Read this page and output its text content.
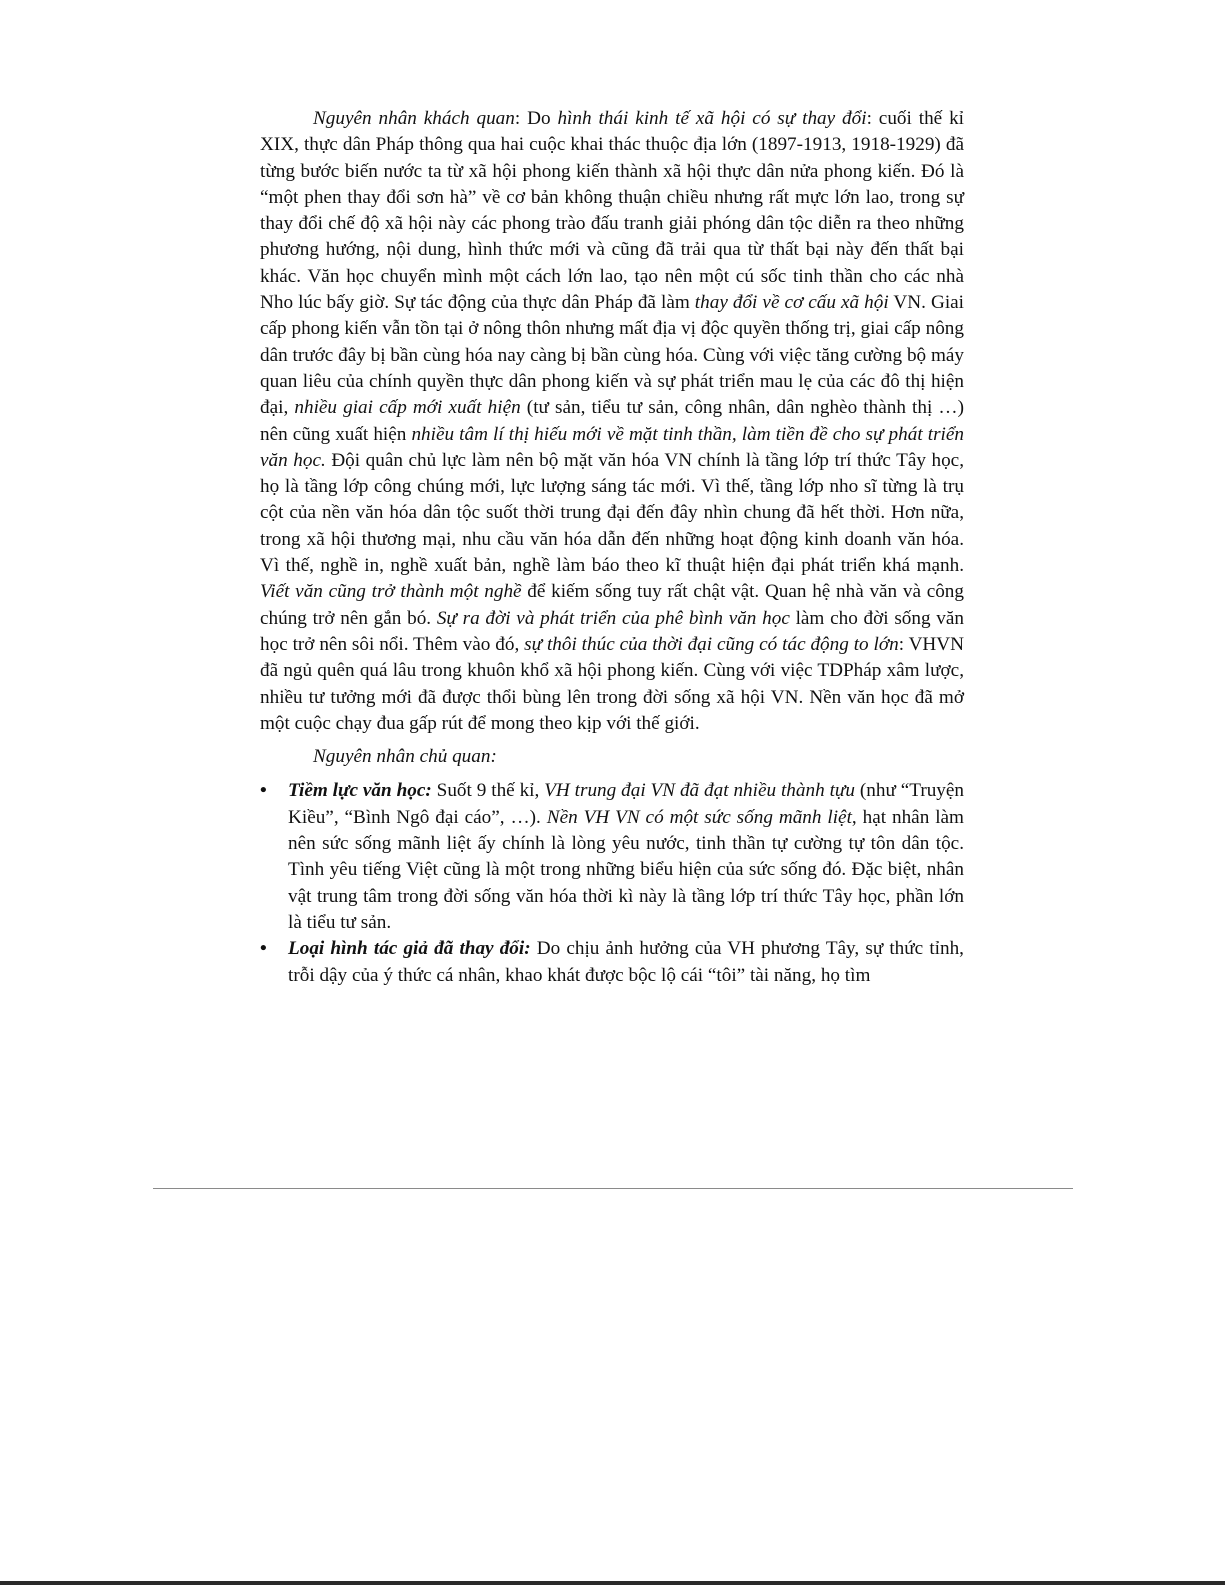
Nguyên nhân khách quan: Do hình thái kinh tế xã hội có sự thay đổi: cuối thế kỉ XIX, thực dân Pháp thông qua hai cuộc khai thác thuộc địa lớn (1897-1913, 1918-1929) đã từng bước biến nước ta từ xã hội phong kiến thành xã hội thực dân nửa phong kiến. Đó là “một phen thay đổi sơn hà” về cơ bản không thuận chiều nhưng rất mực lớn lao, trong sự thay đổi chế độ xã hội này các phong trào đấu tranh giải phóng dân tộc diễn ra theo những phương hướng, nội dung, hình thức mới và cũng đã trải qua từ thất bại này đến thất bại khác. Văn học chuyển mình một cách lớn lao, tạo nên một cú sốc tinh thần cho các nhà Nho lúc bấy giờ. Sự tác động của thực dân Pháp đã làm thay đổi về cơ cấu xã hội VN. Giai cấp phong kiến vẫn tồn tại ở nông thôn nhưng mất địa vị độc quyền thống trị, giai cấp nông dân trước đây bị bần cùng hóa nay càng bị bần cùng hóa. Cùng với việc tăng cường bộ máy quan liêu của chính quyền thực dân phong kiến và sự phát triển mau lẹ của các đô thị hiện đại, nhiều giai cấp mới xuất hiện (tư sản, tiểu tư sản, công nhân, dân nghèo thành thị …) nên cũng xuất hiện nhiều tâm lí thị hiếu mới về mặt tinh thần, làm tiền đề cho sự phát triển văn học. Đội quân chủ lực làm nên bộ mặt văn hóa VN chính là tầng lớp trí thức Tây học, họ là tầng lớp công chúng mới, lực lượng sáng tác mới. Vì thế, tầng lớp nho sĩ từng là trụ cột của nền văn hóa dân tộc suốt thời trung đại đến đây nhìn chung đã hết thời. Hơn nữa, trong xã hội thương mại, nhu cầu văn hóa dẫn đến những hoạt động kinh doanh văn hóa. Vì thế, nghề in, nghề xuất bản, nghề làm báo theo kĩ thuật hiện đại phát triển khá mạnh. Viết văn cũng trở thành một nghề để kiếm sống tuy rất chật vật. Quan hệ nhà văn và công chúng trở nên gắn bó. Sự ra đời và phát triển của phê bình văn học làm cho đời sống văn học trở nên sôi nổi. Thêm vào đó, sự thôi thúc của thời đại cũng có tác động to lớn: VHVN đã ngủ quên quá lâu trong khuôn khổ xã hội phong kiến. Cùng với việc TDPháp xâm lược, nhiều tư tưởng mới đã được thổi bùng lên trong đời sống xã hội VN. Nền văn học đã mở một cuộc chạy đua gấp rút để mong theo kịp với thế giới.

Nguyên nhân chủ quan:

• Tiềm lực văn học: Suốt 9 thế kỉ, VH trung đại VN đã đạt nhiều thành tựu (như “Truyện Kiều”, “Bình Ngô đại cáo”, …). Nền VH VN có một sức sống mãnh liệt, hạt nhân làm nên sức sống mãnh liệt ấy chính là lòng yêu nước, tinh thần tự cường tự tôn dân tộc. Tình yêu tiếng Việt cũng là một trong những biểu hiện của sức sống đó. Đặc biệt, nhân vật trung tâm trong đời sống văn hóa thời kì này là tầng lớp trí thức Tây học, phần lớn là tiểu tư sản.
• Loại hình tác giả đã thay đổi: Do chịu ảnh hưởng của VH phương Tây, sự thức tỉnh, trỗi dậy của ý thức cá nhân, khao khát được bộc lộ cái “tôi” tài năng, họ tìm
